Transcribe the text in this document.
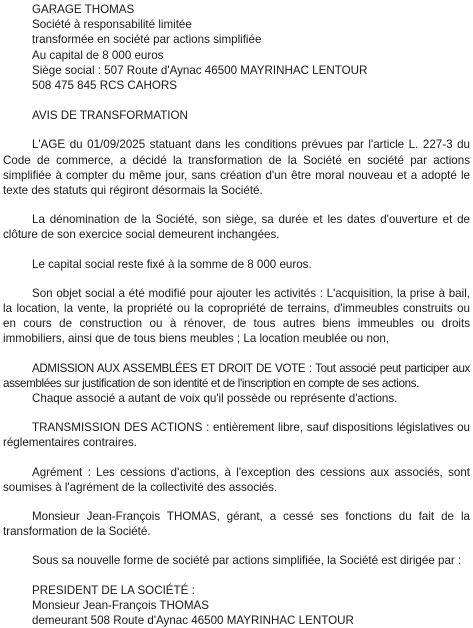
GARAGE THOMAS
Société à responsabilité limitée
transformée en société par actions simplifiée
Au capital de 8 000 euros
Siège social : 507 Route d'Aynac 46500 MAYRINHAC LENTOUR
508 475 845 RCS CAHORS
AVIS DE TRANSFORMATION

L'AGE du 01/09/2025 statuant dans les conditions prévues par l'article L. 227-3 du Code de commerce, a décidé la transformation de la Société en société par actions simplifiée à compter du même jour, sans création d'un être moral nouveau et a adopté le texte des statuts qui régiront désormais la Société.

La dénomination de la Société, son siège, sa durée et les dates d'ouverture et de clôture de son exercice social demeurent inchangées.

Le capital social reste fixé à la somme de 8 000 euros.

Son objet social a été modifié pour ajouter les activités : L'acquisition, la prise à bail, la location, la vente, la propriété ou la copropriété de terrains, d'immeubles construits ou en cours de construction ou à rénover, de tous autres biens immeubles ou droits immobiliers, ainsi que de tous biens meubles ; La location meublée ou non,

ADMISSION AUX ASSEMBLÉES ET DROIT DE VOTE : Tout associé peut participer aux assemblées sur justification de son identité et de l'inscription en compte de ses actions.

Chaque associé a autant de voix qu'il possède ou représente d'actions.

TRANSMISSION DES ACTIONS : entièrement libre, sauf dispositions législatives ou réglementaires contraires.

Agrément : Les cessions d'actions, à l'exception des cessions aux associés, sont soumises à l'agrément de la collectivité des associés.

Monsieur Jean-François THOMAS, gérant, a cessé ses fonctions du fait de la transformation de la Société.

Sous sa nouvelle forme de société par actions simplifiée, la Société est dirigée par :

PRESIDENT DE LA SOCIÉTÉ :
Monsieur Jean-François THOMAS
demeurant 508 Route d'Aynac 46500 MAYRINHAC LENTOUR
